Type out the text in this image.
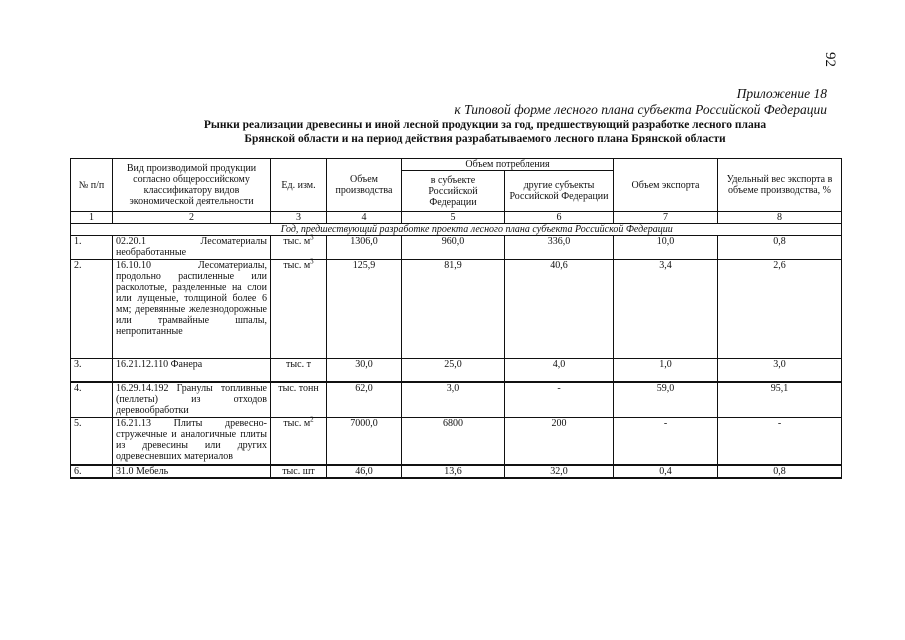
92
Приложение 18
к Типовой форме лесного плана субъекта Российской Федерации
Рынки реализации древесины и иной лесной продукции за год, предшествующий разработке лесного плана
Брянской области и на период действия разрабатываемого лесного плана Брянской области
№ п/п	Вид производимой продукции согласно общероссийскому классификатору видов экономической деятельности	Ед. изм.	Объем производства	Объем потребления		Объем экспорта	Удельный вес экспорта в объеме производства, %
				в субъекте Российской Федерации	другие субъекты Российской Федерации		
1	2	3	4	5	6	7	8
	Год, предшествующий разработке проекта лесного плана субъекта Российской Федерации						
1.	02.20.1 Лесоматериалы необработанные	тыс. $м^3$	1306,0	960,0	336,0	10,0	0,8
2.	16.10.10 Лесоматериалы, продольно распиленные или расколотые, разделенные на слои или лущеные, толщиной более 6 мм; деревянные железнодорожные или трамвайные шпалы, непропитанные	тыс. $м^3$	125,9	81,9	40,6	3,4	2,6
3.	16.21.12.110 Фанера	тыс. т	30,0	25,0	4,0	1,0	3,0
4.	16.29.14.192 Гранулы топливные (пеллеты) из отходов деревообработки	тыс. тонн	62,0	3,0	-	59,0	95,1
5.	16.21.13 Плиты древесно-стружечные и аналогичные плиты из древесины или других одревесневших материалов	тыс. $м^2$	7000,0	6800	200	-	-
6.	31.0 Мебель	тыс. шт	46,0	13,6	32,0	0,4	0,8
